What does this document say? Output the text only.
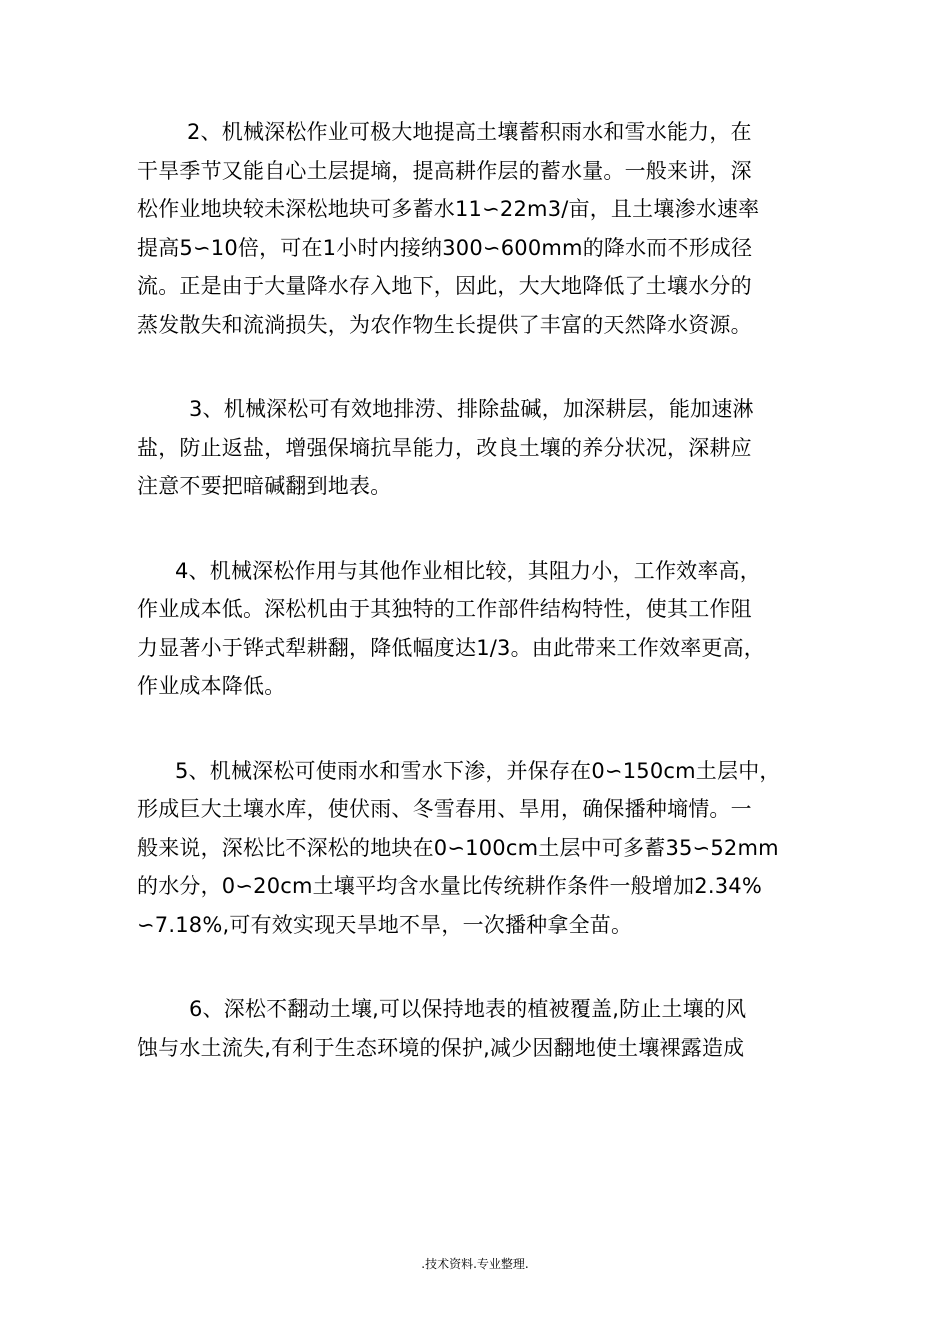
2、机械深松作业可极大地提高土壤蓄积雨水和雪水能力，在
干旱季节又能自心土层提墒，提高耕作层的蓄水量。一般来讲，深
松作业地块较未深松地块可多蓄水11∽22m3/亩，且土壤渗水速率
提高5∽10倍，可在1小时内接纳300∽600mm的降水而不形成径
流。正是由于大量降水存入地下，因此，大大地降低了土壤水分的
蒸发散失和流淌损失，为农作物生长提供了丰富的天然降水资源。

3、机械深松可有效地排涝、排除盐碱，加深耕层，能加速淋
盐，防止返盐，增强保墒抗旱能力，改良土壤的养分状况，深耕应
注意不要把暗碱翻到地表。

4、机械深松作用与其他作业相比较，其阻力小，工作效率高，
作业成本低。深松机由于其独特的工作部件结构特性，使其工作阻
力显著小于铧式犁耕翻，降低幅度达1/3。由此带来工作效率更高，
作业成本降低。

5、机械深松可使雨水和雪水下渗，并保存在0∽150cm土层中，
形成巨大土壤水库，使伏雨、冬雪春用、旱用，确保播种墒情。一
般来说，深松比不深松的地块在0∽100cm土层中可多蓄35∽52mm
的水分，0∽20cm土壤平均含水量比传统耕作条件一般增加2.34%
∽7.18%,可有效实现天旱地不旱，一次播种拿全苗。

6、深松不翻动土壤,可以保持地表的植被覆盖,防止土壤的风
蚀与水土流失,有利于生态环境的保护,减少因翻地使土壤裸露造成

.技术资料.专业整理.
